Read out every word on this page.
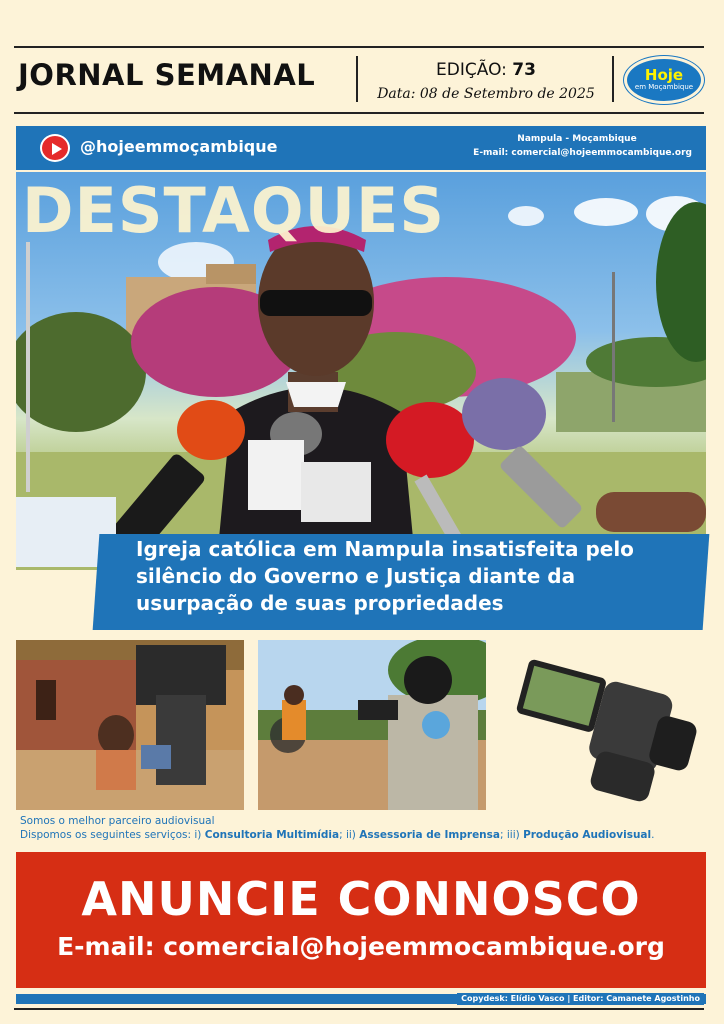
JORNAL SEMANAL	EDIÇÃO: 73
Data: 08 de Setembro de 2025
Hoje
em Moçambique
@hojeemmoçambique	Nampula - Moçambique
E-mail: comercial@hojeemmocambique.org
DESTAQUES
Igreja católica em Nampula insatisfeita pelo silêncio do Governo e Justiça diante da usurpação de suas propriedades
Somos o melhor parceiro audiovisual
Dispomos os seguintes serviços: i) Consultoria Multimídia; ii) Assessoria de Imprensa; iii) Produção Audiovisual.
ANUNCIE CONNOSCO
E-mail: comercial@hojeemmocambique.org
Copydesk: Elídio Vasco | Editor: Camanete Agostinho
